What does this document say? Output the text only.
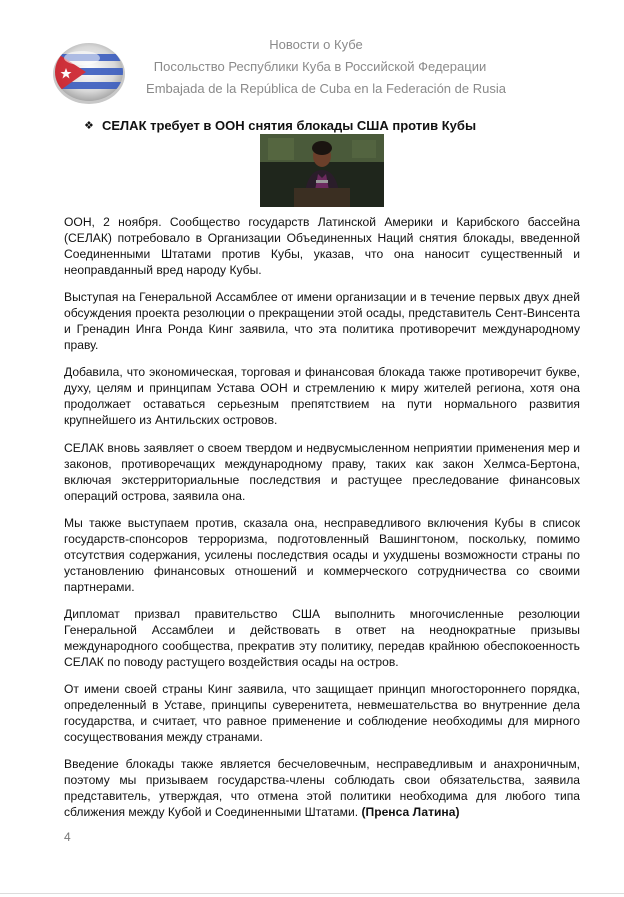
Новости о Кубе
Посольство Республики Куба в Российской Федерации
Embajada de la República de Cuba en la Federación de Rusia
❖ СЕЛАК требует в ООН снятия блокады США против Кубы

ООН, 2 ноября. Сообщество государств Латинской Америки и Карибского бассейна (СЕЛАК) потребовало в Организации Объединенных Наций снятия блокады, введенной Соединенными Штатами против Кубы, указав, что она наносит существенный и неоправданный вред народу Кубы.

Выступая на Генеральной Ассамблее от имени организации и в течение первых двух дней обсуждения проекта резолюции о прекращении этой осады, представитель Сент-Винсента и Гренадин Инга Ронда Кинг заявила, что эта политика противоречит международному праву.

Добавила, что экономическая, торговая и финансовая блокада также противоречит букве, духу, целям и принципам Устава ООН и стремлению к миру жителей региона, хотя она продолжает оставаться серьезным препятствием на пути нормального развития крупнейшего из Антильских островов.

СЕЛАК вновь заявляет о своем твердом и недвусмысленном неприятии применения мер и законов, противоречащих международному праву, таких как закон Хелмса-Бертона, включая экстерриториальные последствия и растущее преследование финансовых операций острова, заявила она.

Мы также выступаем против, сказала она, несправедливого включения Кубы в список государств-спонсоров терроризма, подготовленный Вашингтоном, поскольку, помимо отсутствия содержания, усилены последствия осады и ухудшены возможности страны по установлению финансовых отношений и коммерческого сотрудничества со своими партнерами.

Дипломат призвал правительство США выполнить многочисленные резолюции Генеральной Ассамблеи и действовать в ответ на неоднократные призывы международного сообщества, прекратив эту политику, передав крайнюю обеспокоенность СЕЛАК по поводу растущего воздействия осады на остров.

От имени своей страны Кинг заявила, что защищает принцип многостороннего порядка, определенный в Уставе, принципы суверенитета, невмешательства во внутренние дела государства, и считает, что равное применение и соблюдение необходимы для мирного сосуществования между странами.

Введение блокады также является бесчеловечным, несправедливым и анахроничным, поэтому мы призываем государства-члены соблюдать свои обязательства, заявила представитель, утверждая, что отмена этой политики необходима для любого типа сближения между Кубой и Соединенными Штатами. (Пренса Латина)

4
